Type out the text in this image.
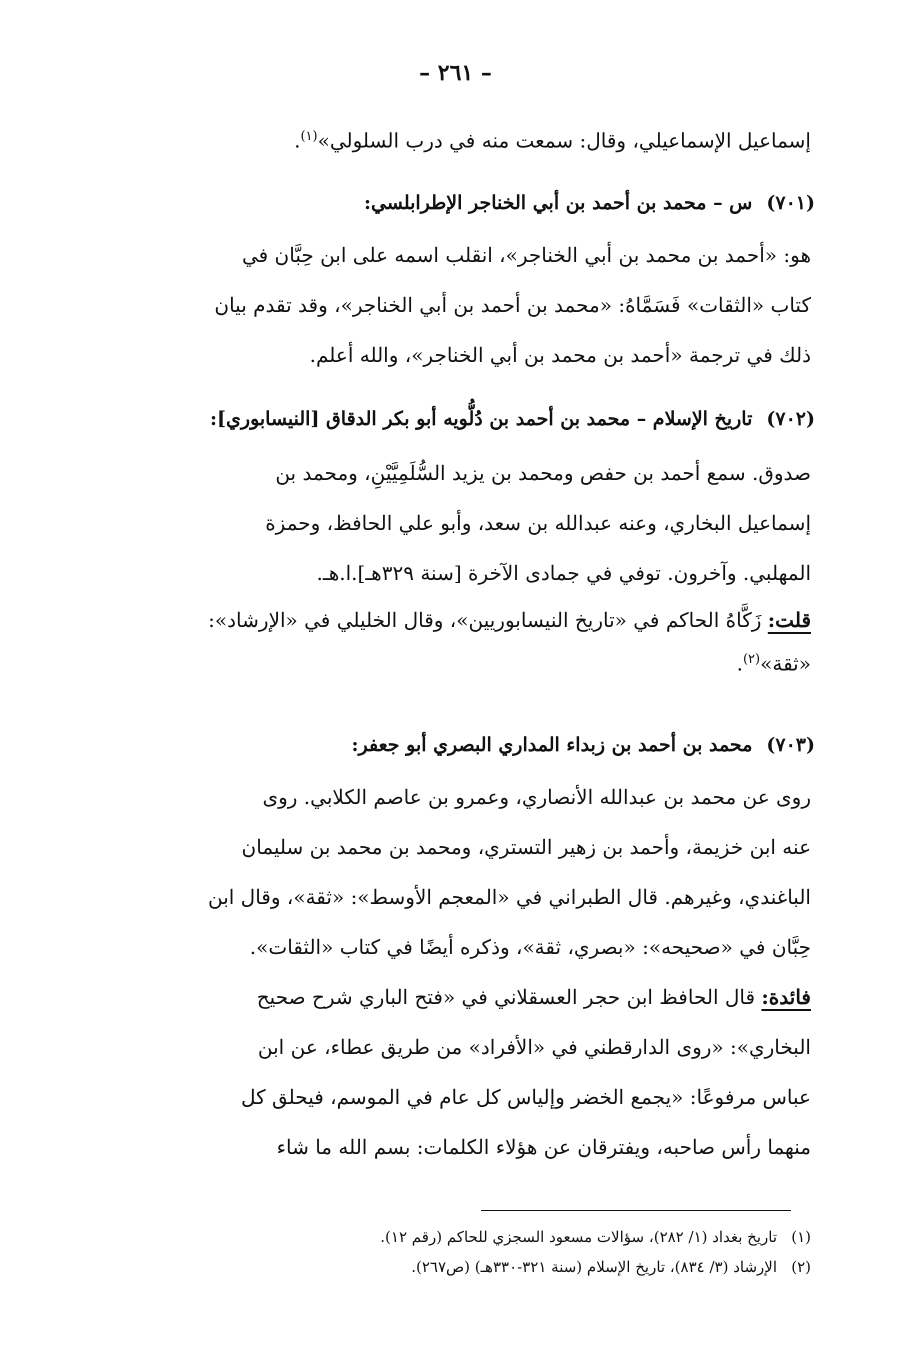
– ٢٦١ –
إسماعيل الإسماعيلي، وقال: سمعت منه في درب السلولي»$^{(١)}$.
(٧٠١)س – محمد بن أحمد بن أبي الخناجر الإطرابلسي:
هو: «أحمد بن محمد بن أبي الخناجر»، انقلب اسمه على ابن حِبَّان في
كتاب «الثقات» فَسَمَّاهُ: «محمد بن أحمد بن أبي الخناجر»، وقد تقدم بيان
ذلك في ترجمة «أحمد بن محمد بن أبي الخناجر»، والله أعلم.
(٧٠٢)تاريخ الإسلام – محمد بن أحمد بن دُلُّويه أبو بكر الدقاق [النيسابوري]:
صدوق. سمع أحمد بن حفص ومحمد بن يزيد السُّلَمِيَّيْنِ، ومحمد بن
إسماعيل البخاري، وعنه عبدالله بن سعد، وأبو علي الحافظ، وحمزة
المهلبي. وآخرون. توفي في جمادى الآخرة [سنة ٣٢٩هـ].ا.هـ.
قلت: زَكَّاهُ الحاكم في «تاريخ النيسابوريين»، وقال الخليلي في «الإرشاد»:
«ثقة»$^{(٢)}$.
(٧٠٣)محمد بن أحمد بن زبداء المداري البصري أبو جعفر:
روى عن محمد بن عبدالله الأنصاري، وعمرو بن عاصم الكلابي. روى
عنه ابن خزيمة، وأحمد بن زهير التستري، ومحمد بن محمد بن سليمان
الباغندي، وغيرهم. قال الطبراني في «المعجم الأوسط»: «ثقة»، وقال ابن
حِبَّان في «صحيحه»: «بصري، ثقة»، وذكره أيضًا في كتاب «الثقات».
فائدة: قال الحافظ ابن حجر العسقلاني في «فتح الباري شرح صحيح
البخاري»: «روى الدارقطني في «الأفراد» من طريق عطاء، عن ابن
عباس مرفوعًا: «يجمع الخضر وإلياس كل عام في الموسم، فيحلق كل
منهما رأس صاحبه، ويفترقان عن هؤلاء الكلمات: بسم الله ما شاء
(١)تاريخ بغداد (١/ ٢٨٢)، سؤالات مسعود السجزي للحاكم (رقم ١٢).
(٢)الإرشاد (٣/ ٨٣٤)، تاريخ الإسلام (سنة ٣٢١-٣٣٠هـ) (ص٢٦٧).
